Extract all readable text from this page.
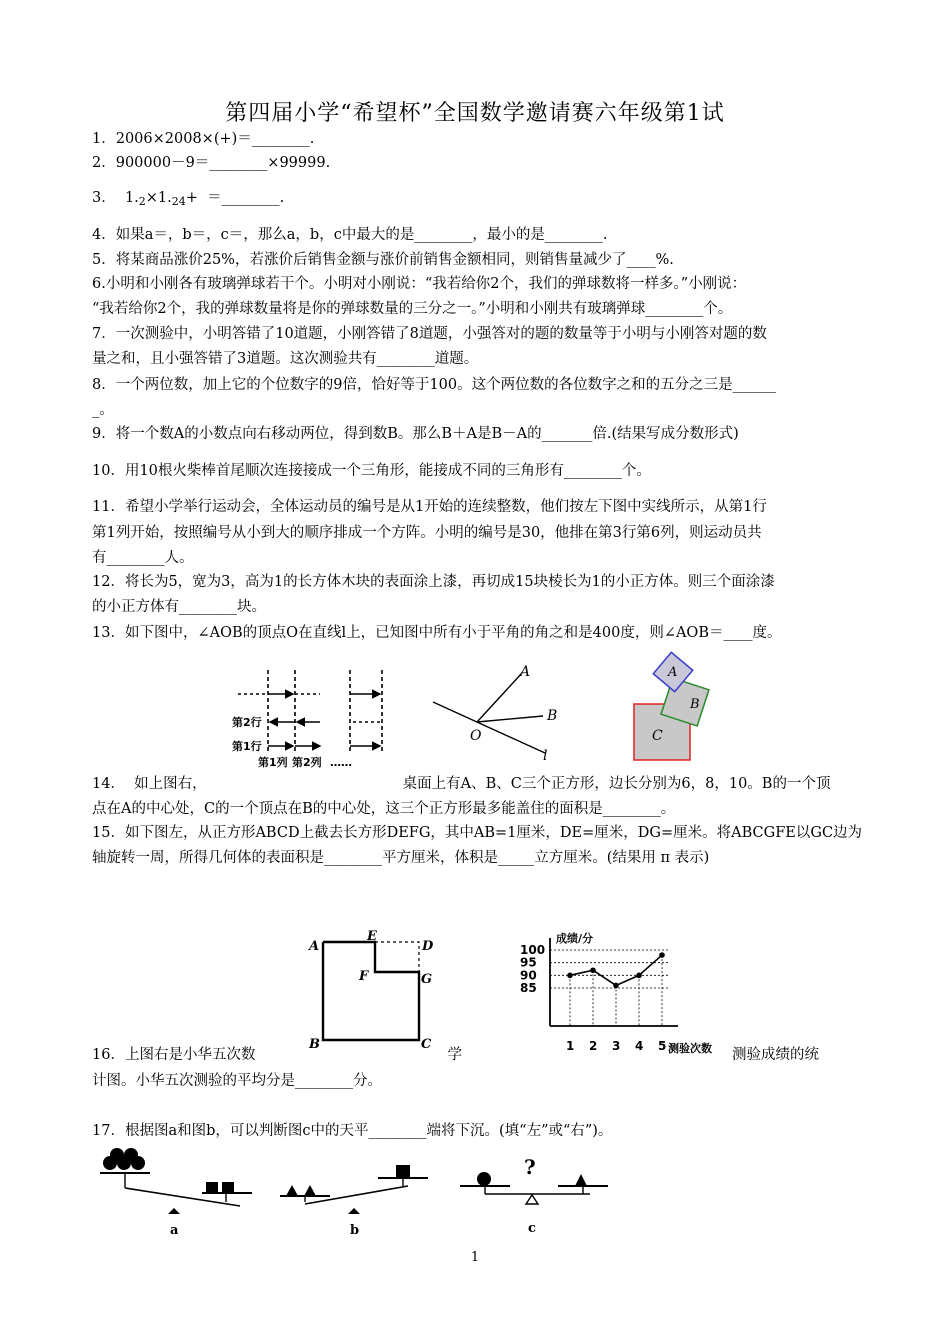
第四届小学“希望杯”全国数学邀请赛六年级第1试
1．2006×2008×(+)＝________.
2．900000－9＝________×99999.
3．  $1._2\times 1._{24}+$  ＝________.
4．如果a＝，b＝，c＝，那么a，b，c中最大的是________，最小的是________.
5．将某商品涨价25%，若涨价后销售金额与涨价前销售金额相同，则销售量减少了____%.
6.小明和小刚各有玻璃弹球若干个。小明对小刚说：“我若给你2个，我们的弹球数将一样多。”小刚说：
“我若给你2个，我的弹球数量将是你的弹球数量的三分之一。”小明和小刚共有玻璃弹球________个。
7．一次测验中，小明答错了10道题，小刚答错了8道题，小强答对的题的数量等于小明与小刚答对题的数
量之和，且小强答错了3道题。这次测验共有________道题。
8．一个两位数，加上它的个位数字的9倍，恰好等于100。这个两位数的各位数字之和的五分之三是______
_。
9．将一个数A的小数点向右移动两位，得到数B。那么B＋A是B－A的_______倍.(结果写成分数形式)
10．用10根火柴棒首尾顺次连接接成一个三角形，能接成不同的三角形有________个。
11．希望小学举行运动会，全体运动员的编号是从1开始的连续整数，他们按左下图中实线所示，从第1行
第1列开始，按照编号从小到大的顺序排成一个方阵。小明的编号是30，他排在第3行第6列，则运动员共
有________人。
12．将长为5，宽为3，高为1的长方体木块的表面涂上漆，再切成15块棱长为1的小正方体。则三个面涂漆
的小正方体有________块。
13．如下图中，∠AOB的顶点O在直线l上，已知图中所有小于平角的角之和是400度，则∠AOB＝____度。
第2行
第1行
第1列 第2列 ……
A
B
O
l
A
B
C
14．  如上图右，	桌面上有A、B、C三个正方形，边长分别为6，8，10。B的一个顶
点在A的中心处，C的一个顶点在B的中心处，这三个正方形最多能盖住的面积是________。
15．如下图左，从正方形ABCD上截去长方形DEFG，其中AB=1厘米，DE=厘米，DG=厘米。将ABCGFE以GC边为
轴旋转一周，所得几何体的表面积是________平方厘米，体积是_____立方厘米。(结果用 π 表示)
A
E
D
F	G
B	C
85
90
95
100
1 2 3 4 5
成绩/分
测验次数
16．上图右是小华五次数	学	测验成绩的统
计图。小华五次测验的平均分是________分。
17．根据图a和图b，可以判断图c中的天平________端将下沉。(填“左”或“右”)。
a	b
?
c
1
